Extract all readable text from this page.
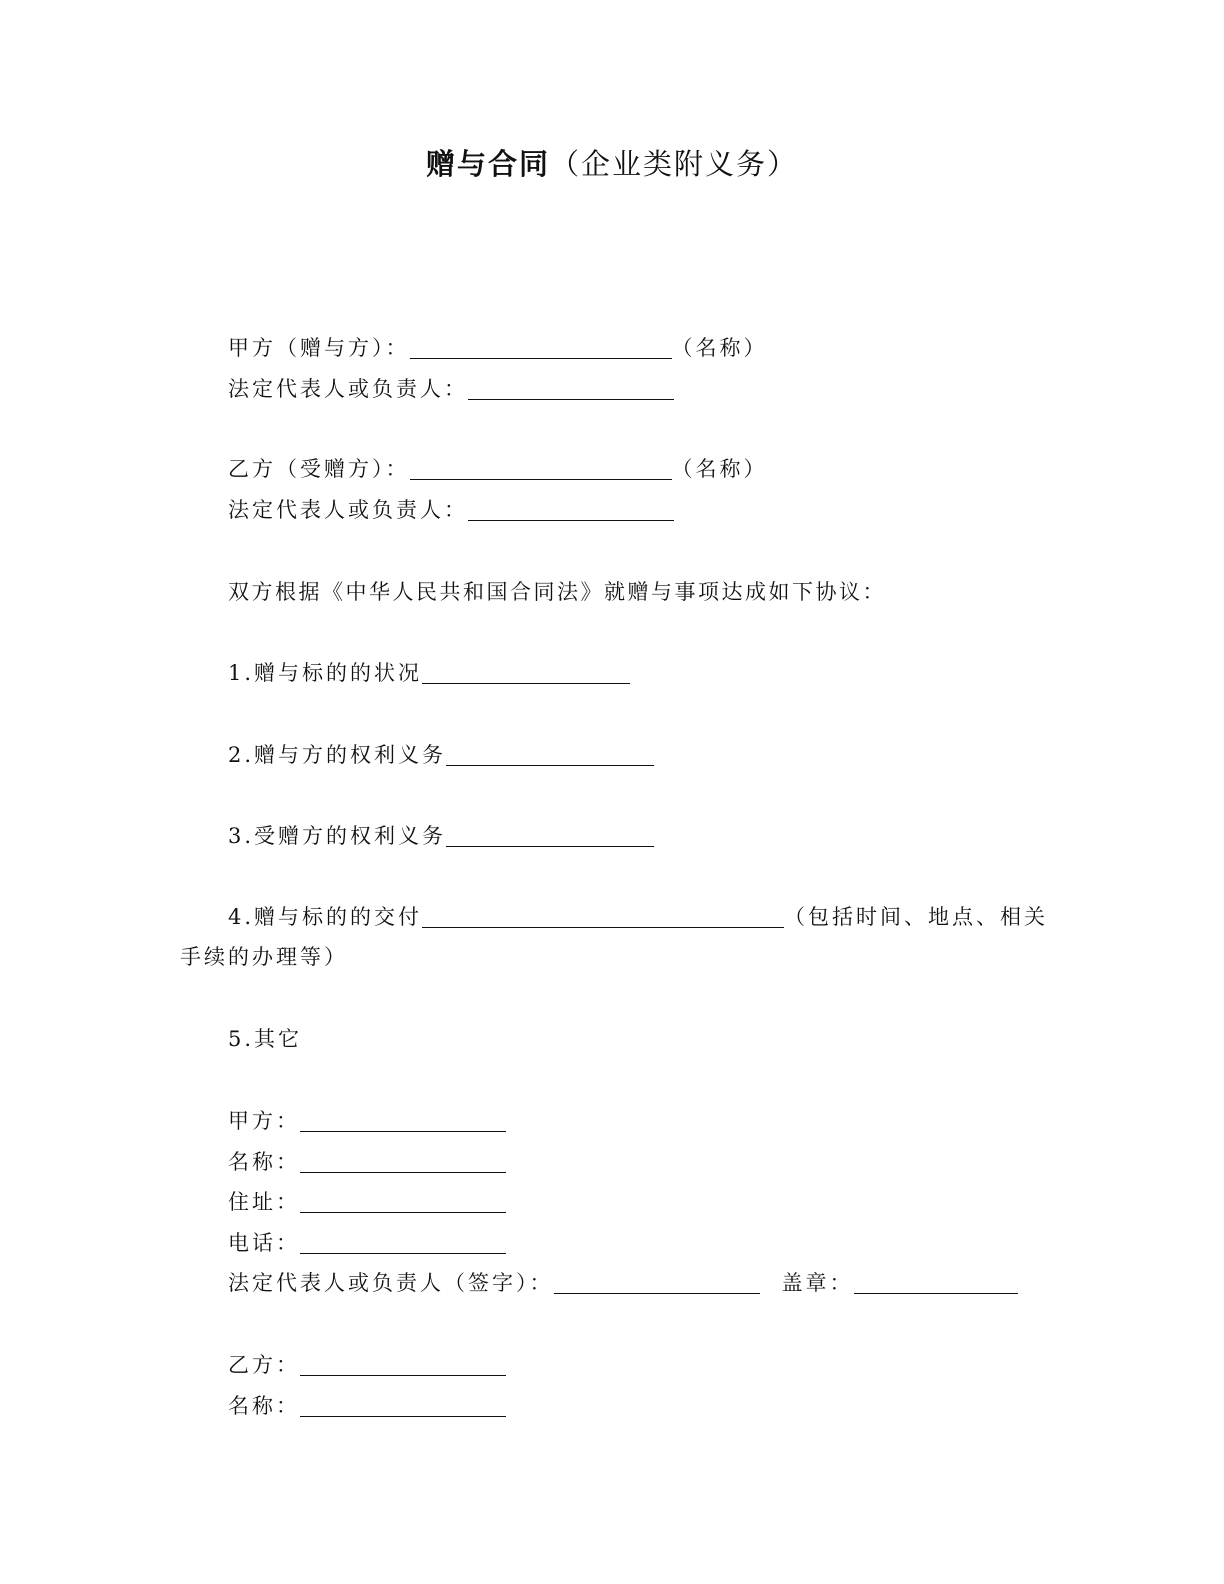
赠与合同（企业类附义务）
甲方（赠与方）：	（名称）
法定代表人或负责人：
乙方（受赠方）：	（名称）
法定代表人或负责人：
双方根据《中华人民共和国合同法》就赠与事项达成如下协议：
1.赠与标的的状况
2.赠与方的权利义务
3.受赠方的权利义务
4.赠与标的的交付	（包括时间、地点、相关
手续的办理等）
5.其它
甲方：
名称：
住址：
电话：
法定代表人或负责人（签字）：	盖章：
乙方：
名称：
